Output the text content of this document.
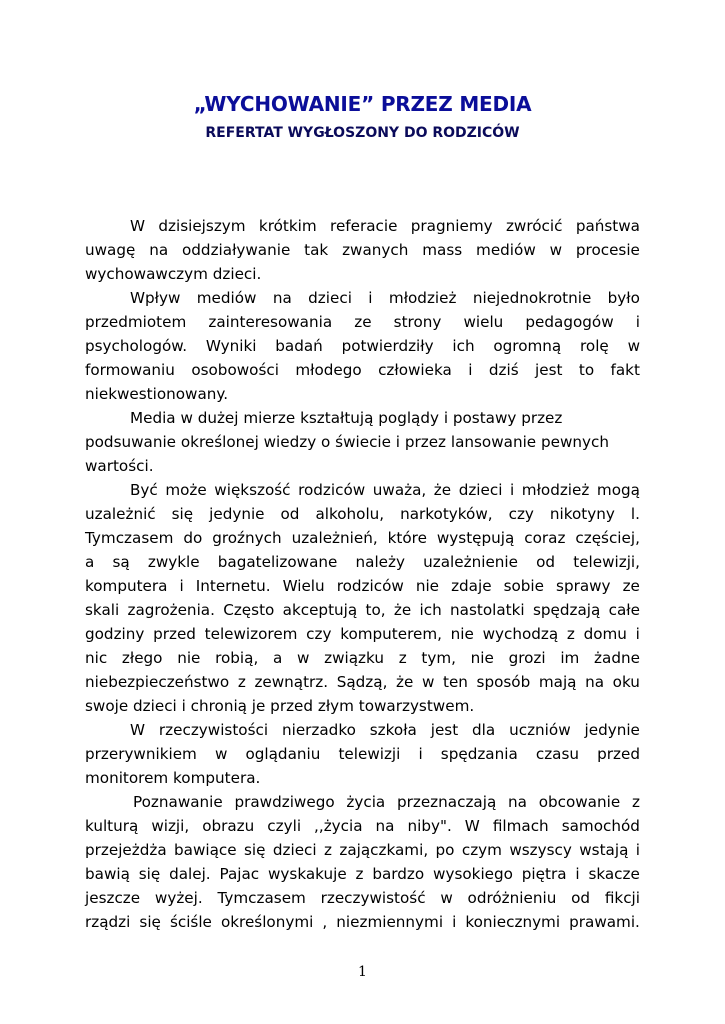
„WYCHOWANIE” PRZEZ MEDIA
REFERTAT WYGŁOSZONY DO RODZICÓW
W dzisiejszym krótkim referacie pragniemy zwrócić państwa
uwagę na oddziaływanie tak zwanych mass mediów w procesie
wychowawczym dzieci.
Wpływ mediów na dzieci i młodzież niejednokrotnie było
przedmiotem zainteresowania ze strony wielu pedagogów i
psychologów. Wyniki badań potwierdziły ich ogromną rolę w
formowaniu osobowości młodego człowieka i dziś jest to fakt
niekwestionowany.
Media w dużej mierze kształtują poglądy i postawy przez
podsuwanie określonej wiedzy o świecie i przez lansowanie pewnych
wartości.
Być może większość rodziców uważa, że dzieci i młodzież mogą
uzależnić się jedynie od alkoholu, narkotyków, czy nikotyny l.
Tymczasem do groźnych uzależnień, które występują coraz częściej,
a są zwykle bagatelizowane należy uzależnienie od telewizji,
komputera i Internetu. Wielu rodziców nie zdaje sobie sprawy ze
skali zagrożenia. Często akceptują to, że ich nastolatki spędzają całe
godziny przed telewizorem czy komputerem, nie wychodzą z domu i
nic złego nie robią, a w związku z tym, nie grozi im żadne
niebezpieczeństwo z zewnątrz. Sądzą, że w ten sposób mają na oku
swoje dzieci i chronią je przed złym towarzystwem.
W rzeczywistości nierzadko szkoła jest dla uczniów jedynie
przerywnikiem w oglądaniu telewizji i spędzania czasu przed
monitorem komputera.
Poznawanie prawdziwego życia przeznaczają na obcowanie z
kulturą wizji, obrazu czyli ,,życia na niby". W filmach samochód
przejeżdża bawiące się dzieci z zajączkami, po czym wszyscy wstają i
bawią się dalej. Pajac wyskakuje z bardzo wysokiego piętra i skacze
jeszcze wyżej. Tymczasem rzeczywistość w odróżnieniu od fikcji
rządzi się ściśle określonymi , niezmiennymi i koniecznymi prawami.
1
